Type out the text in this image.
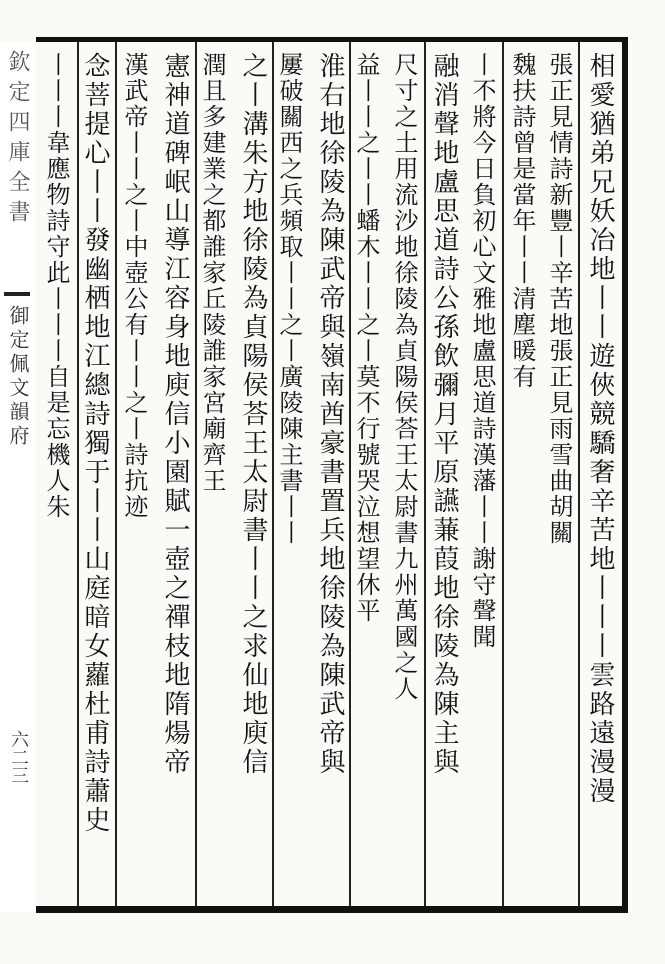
欽定四庫全書
御定佩文韻府
六二三	相愛猶弟兄妖冶地丨丨遊俠競驕奢辛苦地丨丨丨雲路遠漫漫
張正見情詩新豐丨辛苦地張正見雨雪曲胡關
魏扶詩曾是當年丨丨清塵暖有
丨不將今日負初心文雅地盧思道詩漢藩丨丨謝守聲聞
融消聲地盧思道詩公孫飲彌月平原讌蒹葭地徐陵為陳主與
尺寸之土用流沙地徐陵為貞陽侯荅王太尉書九州萬國之人
益丨丨之丨丨蟠木丨丨之丨莫不行號哭泣想望休平
淮右地徐陵為陳武帝與嶺南酋豪書置兵地徐陵為陳武帝與
屢破關西之兵頻取丨丨之丨廣陵陳主書丨丨
之丨溝朱方地徐陵為貞陽侯荅王太尉書丨丨之求仙地庾信
潤且多建業之都誰家丘陵誰家宮廟齊王
憲神道碑岷山導江容身地庾信小園賦一壺之禪枝地隋煬帝
漢武帝丨丨之丨中壺公有丨丨之丨詩抗迹
念菩提心丨丨發幽栖地江總詩獨于丨丨山庭暗女蘿杜甫詩蕭史
丨丨丨韋應物詩守此丨丨丨自是忘機人朱
